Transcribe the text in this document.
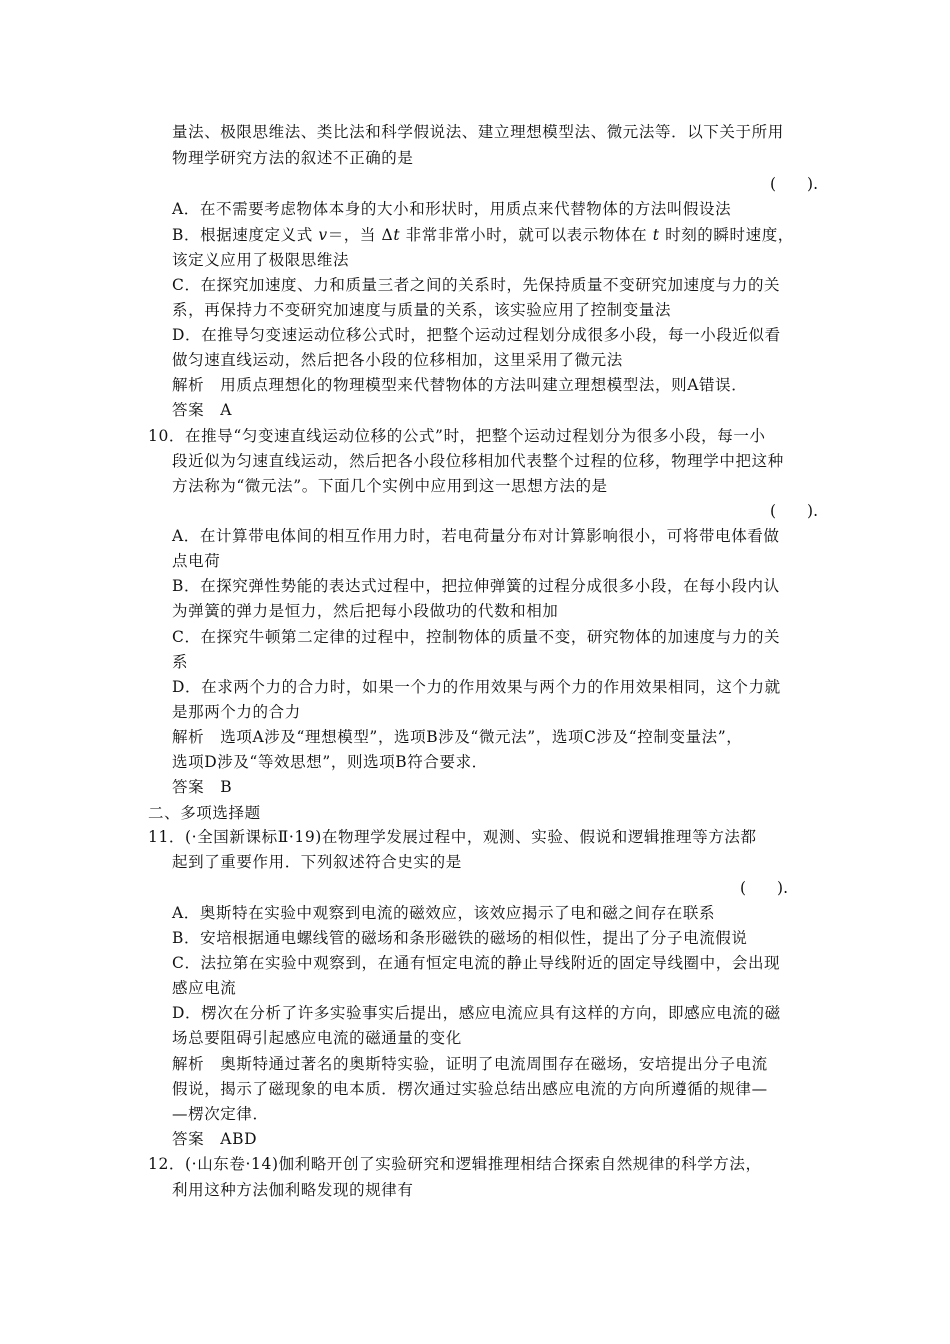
量法、极限思维法、类比法和科学假说法、建立理想模型法、微元法等．以下关于所用
物理学研究方法的叙述不正确的是
(　　).
A．在不需要考虑物体本身的大小和形状时，用质点来代替物体的方法叫假设法
B．根据速度定义式 v＝，当 Δt 非常非常小时，就可以表示物体在 t 时刻的瞬时速度，
该定义应用了极限思维法
C．在探究加速度、力和质量三者之间的关系时，先保持质量不变研究加速度与力的关
系，再保持力不变研究加速度与质量的关系，该实验应用了控制变量法
D．在推导匀变速运动位移公式时，把整个运动过程划分成很多小段，每一小段近似看
做匀速直线运动，然后把各小段的位移相加，这里采用了微元法
解析　用质点理想化的物理模型来代替物体的方法叫建立理想模型法，则A错误．
答案　A
10．在推导“匀变速直线运动位移的公式”时，把整个运动过程划分为很多小段，每一小
段近似为匀速直线运动，然后把各小段位移相加代表整个过程的位移，物理学中把这种
方法称为“微元法”。下面几个实例中应用到这一思想方法的是
(　　).
A．在计算带电体间的相互作用力时，若电荷量分布对计算影响很小，可将带电体看做
点电荷
B．在探究弹性势能的表达式过程中，把拉伸弹簧的过程分成很多小段，在每小段内认
为弹簧的弹力是恒力，然后把每小段做功的代数和相加
C．在探究牛顿第二定律的过程中，控制物体的质量不变，研究物体的加速度与力的关
系
D．在求两个力的合力时，如果一个力的作用效果与两个力的作用效果相同，这个力就
是那两个力的合力
解析　选项A涉及“理想模型”，选项B涉及“微元法”，选项C涉及“控制变量法”，
选项D涉及“等效思想”，则选项B符合要求．
答案　B
二、多项选择题
11．(·全国新课标Ⅱ·19)在物理学发展过程中，观测、实验、假说和逻辑推理等方法都
起到了重要作用．下列叙述符合史实的是
(　　).
A．奥斯特在实验中观察到电流的磁效应，该效应揭示了电和磁之间存在联系
B．安培根据通电螺线管的磁场和条形磁铁的磁场的相似性，提出了分子电流假说
C．法拉第在实验中观察到，在通有恒定电流的静止导线附近的固定导线圈中，会出现
感应电流
D．楞次在分析了许多实验事实后提出，感应电流应具有这样的方向，即感应电流的磁
场总要阻碍引起感应电流的磁通量的变化
解析　奥斯特通过著名的奥斯特实验，证明了电流周围存在磁场，安培提出分子电流
假说，揭示了磁现象的电本质．楞次通过实验总结出感应电流的方向所遵循的规律—
—楞次定律．
答案　ABD
12．(·山东卷·14)伽利略开创了实验研究和逻辑推理相结合探索自然规律的科学方法，
利用这种方法伽利略发现的规律有
